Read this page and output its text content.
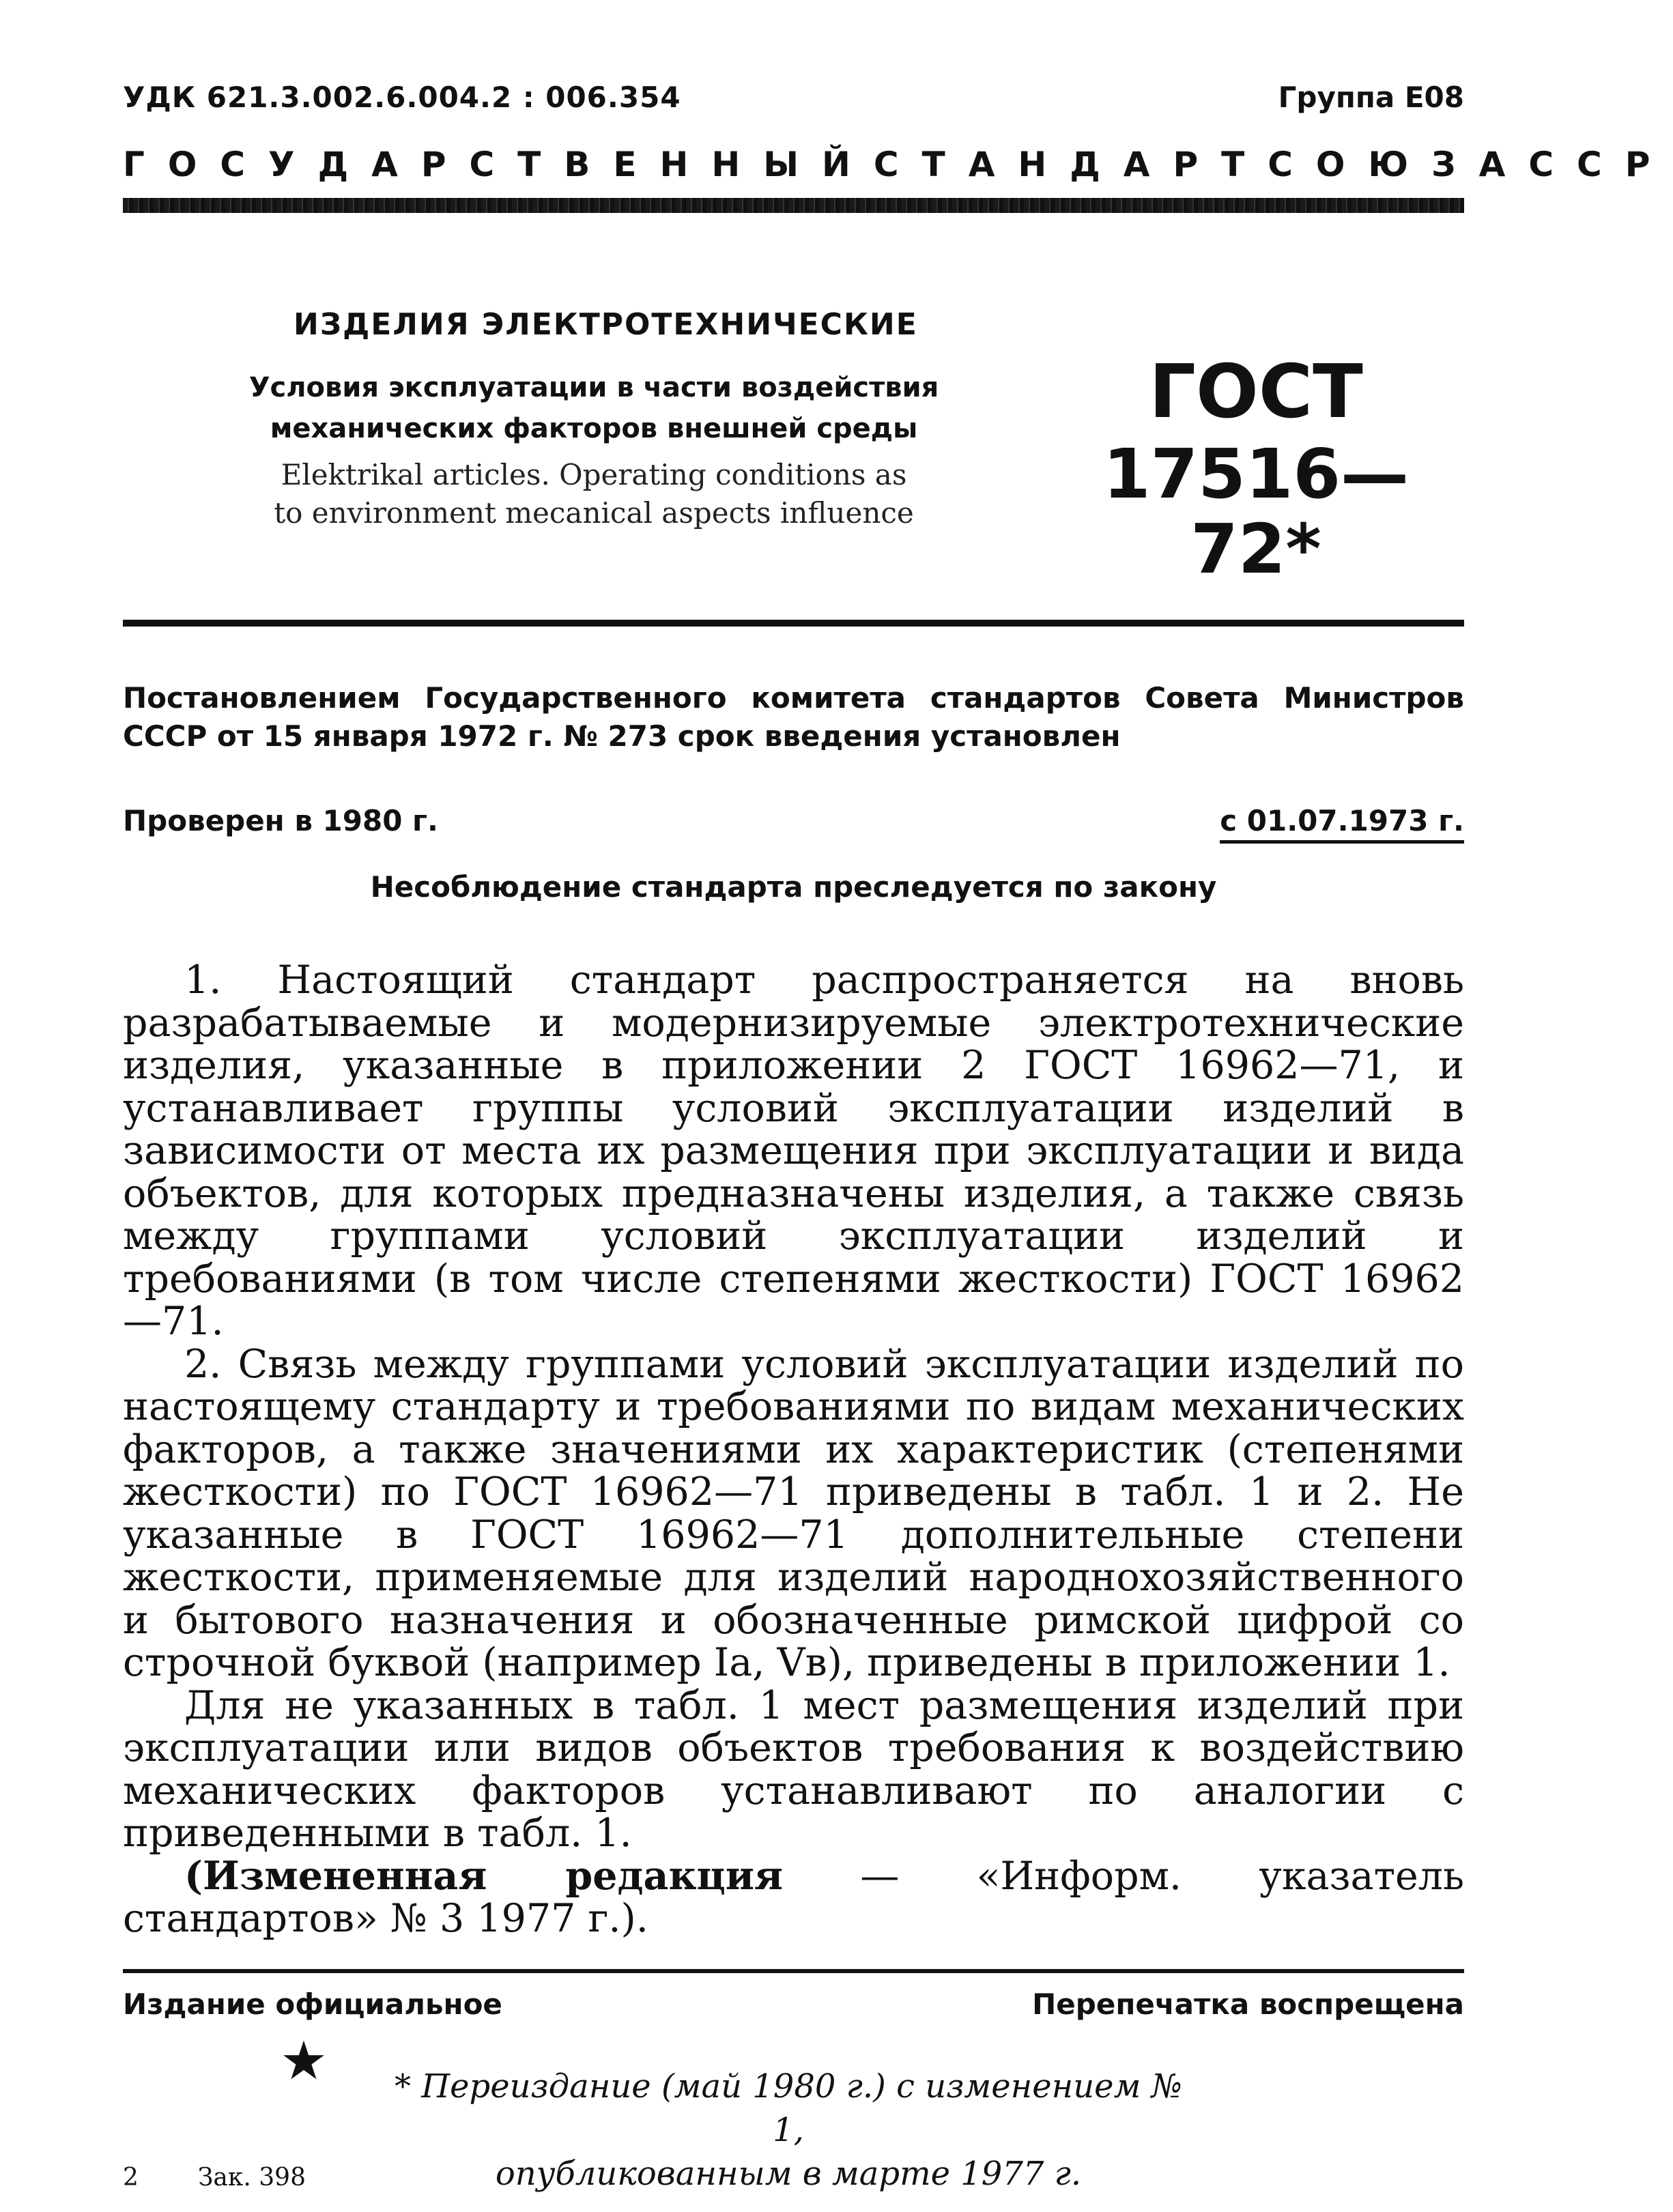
УДК 621.3.002.6.004.2 : 006.354	Группа Е08
ГОСУДАРСТВЕННЫЙ СТАНДАРТ СОЮЗА ССР
ИЗДЕЛИЯ ЭЛЕКТРОТЕХНИЧЕСКИЕ
Условия эксплуатации в части воздействия
механических факторов внешней среды
Elektrikal articles. Operating conditions as
to environment mecanical aspects influence
ГОСТ
17516—72*
Постановлением Государственного комитета стандартов Совета Министров СССР от 15 января 1972 г. № 273 срок введения установлен
Проверен в 1980 г.	с 01.07.1973 г.
Несоблюдение стандарта преследуется по закону

1. Настоящий стандарт распространяется на вновь разрабатываемые и модернизируемые электротехнические изделия, указанные в приложении 2 ГОСТ 16962—71, и устанавливает группы условий эксплуатации изделий в зависимости от места их размещения при эксплуатации и вида объектов, для которых предназначены изделия, а также связь между группами условий эксплуатации изделий и требованиями (в том числе степенями жесткости) ГОСТ 16962—71.

2. Связь между группами условий эксплуатации изделий по настоящему стандарту и требованиями по видам механических факторов, а также значениями их характеристик (степенями жесткости) по ГОСТ 16962—71 приведены в табл. 1 и 2. Не указанные в ГОСТ 16962—71 дополнительные степени жесткости, применяемые для изделий народнохозяйственного и бытового назначения и обозначенные римской цифрой со строчной буквой (например Iа, Vв), приведены в приложении 1.

Для не указанных в табл. 1 мест размещения изделий при эксплуатации или видов объектов требования к воздействию механических факторов устанавливают по аналогии с приведенными в табл. 1.

(Измененная редакция — «Информ. указатель стандартов» № 3 1977 г.).

Издание официальное	Перепечатка воспрещена
★	* Переиздание (май 1980 г.) с изменением № 1,
опубликованным в марте 1977 г.
2 Зак. 398
